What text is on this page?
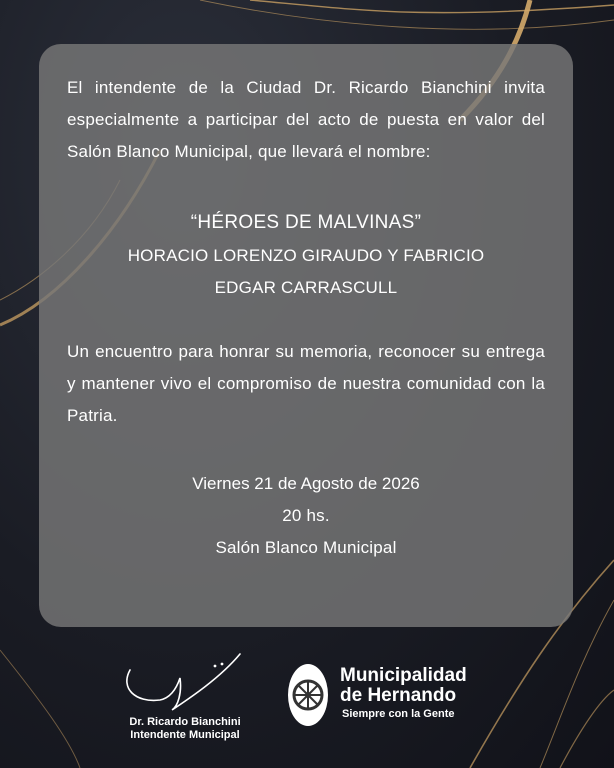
El intendente de la Ciudad Dr. Ricardo Bianchini invita especialmente a participar del acto de puesta en valor del Salón Blanco Municipal, que llevará el nombre:

“HÉROES DE MALVINAS”

HORACIO LORENZO GIRAUDO Y FABRICIO

EDGAR CARRASCULL

Un encuentro para honrar su memoria, reconocer su entrega y mantener vivo el compromiso de nuestra comunidad con la Patria.

Viernes 21 de Agosto de 2026

20 hs.

Salón Blanco Municipal

Dr. Ricardo Bianchini
Intendente Municipal

Municipalidad

de Hernando

Siempre con la Gente
